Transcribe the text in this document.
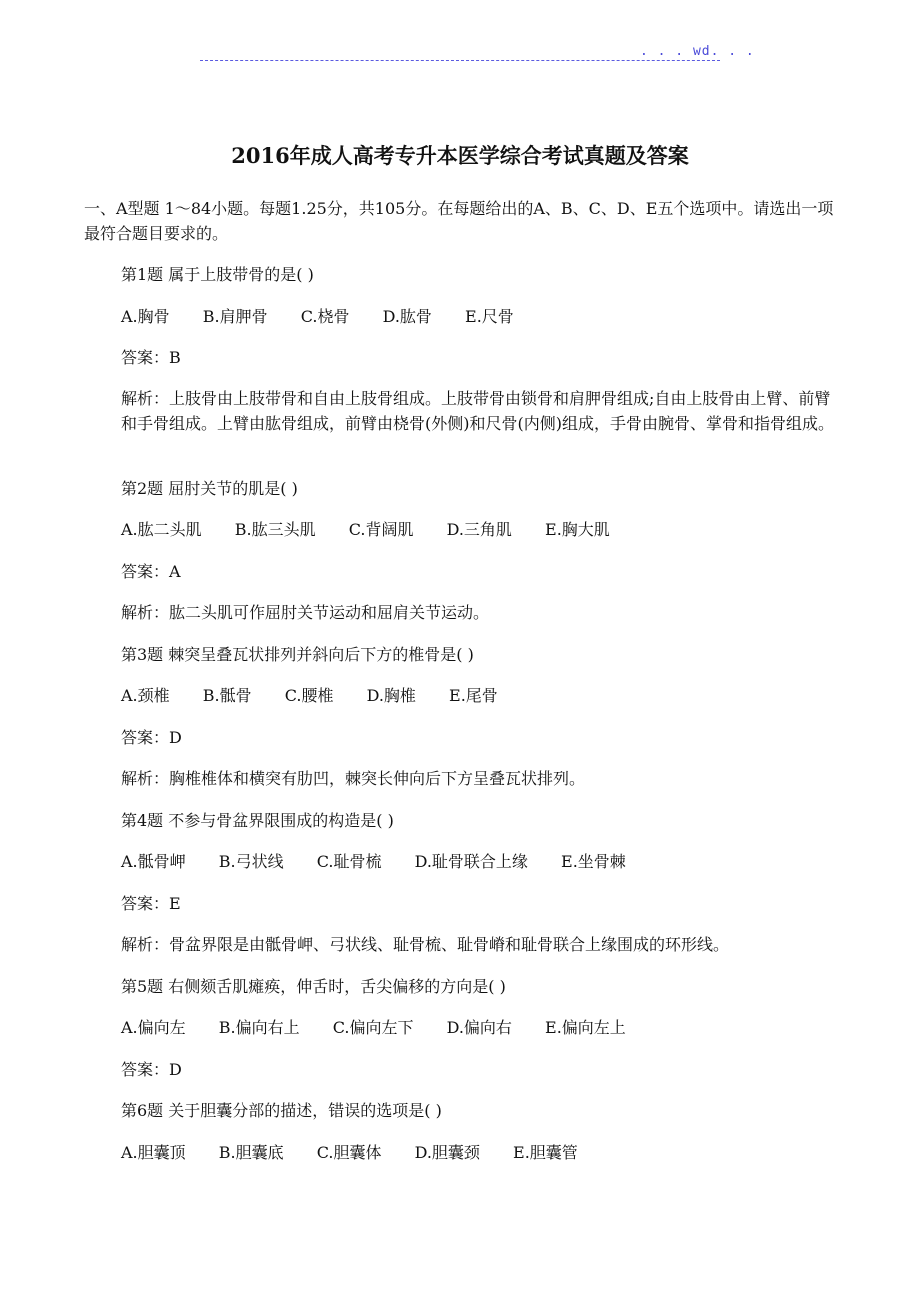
. . . wd. . .
2016年成人高考专升本医学综合考试真题及答案

一、A型题 1～84小题。每题1.25分，共105分。在每题给出的A、B、C、D、E五个选项中。请选出一项最符合题目要求的。

第1题 属于上肢带骨的是( )

A.胸骨 B.肩胛骨 C.桡骨 D.肱骨 E.尺骨

答案：B

解析：上肢骨由上肢带骨和自由上肢骨组成。上肢带骨由锁骨和肩胛骨组成;自由上肢骨由上臂、前臂和手骨组成。上臂由肱骨组成，前臂由桡骨(外侧)和尺骨(内侧)组成，手骨由腕骨、掌骨和指骨组成。

第2题 屈肘关节的肌是( )

A.肱二头肌 B.肱三头肌 C.背阔肌 D.三角肌 E.胸大肌

答案：A

解析：肱二头肌可作屈肘关节运动和屈肩关节运动。

第3题 棘突呈叠瓦状排列并斜向后下方的椎骨是( )

A.颈椎 B.骶骨 C.腰椎 D.胸椎 E.尾骨

答案：D

解析：胸椎椎体和横突有肋凹，棘突长伸向后下方呈叠瓦状排列。

第4题 不参与骨盆界限围成的构造是( )

A.骶骨岬 B.弓状线 C.耻骨梳 D.耻骨联合上缘 E.坐骨棘

答案：E

解析：骨盆界限是由骶骨岬、弓状线、耻骨梳、耻骨嵴和耻骨联合上缘围成的环形线。

第5题 右侧颏舌肌瘫痪，伸舌时，舌尖偏移的方向是( )

A.偏向左 B.偏向右上 C.偏向左下 D.偏向右 E.偏向左上

答案：D

第6题 关于胆囊分部的描述，错误的选项是( )

A.胆囊顶 B.胆囊底 C.胆囊体 D.胆囊颈 E.胆囊管
